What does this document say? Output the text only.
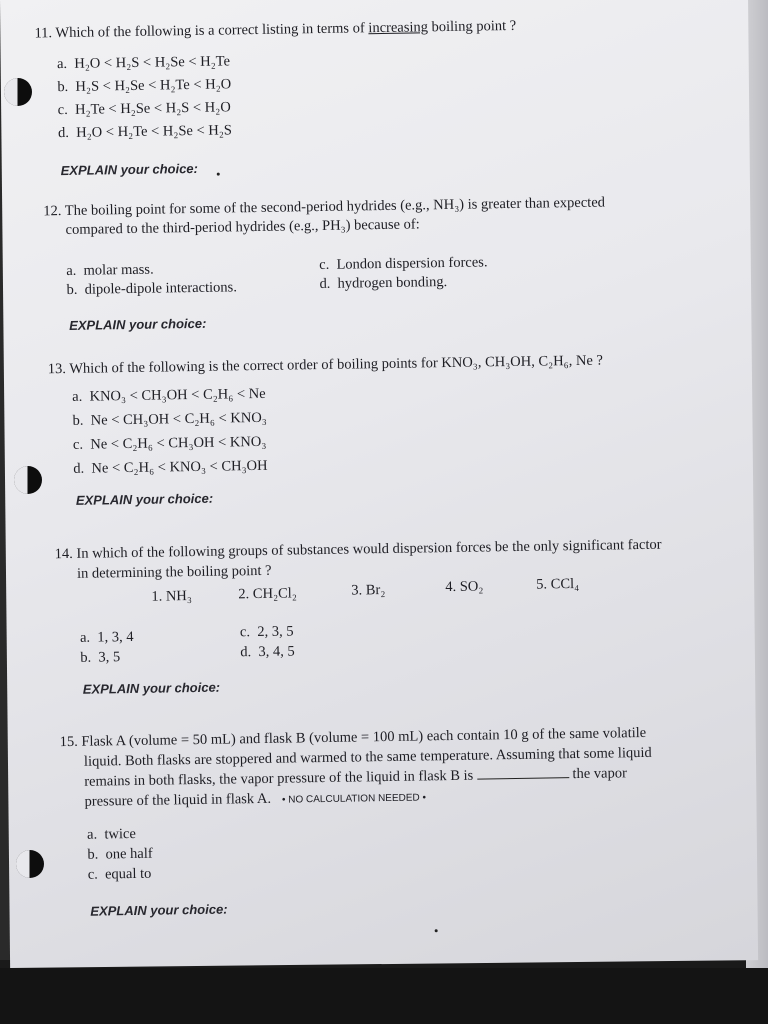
11. Which of the following is a correct listing in terms of increasing boiling point ?
a. H₂O < H₂S < H₂Se < H₂Te
b. H₂S < H₂Se < H₂Te < H₂O
c. H₂Te < H₂Se < H₂S < H₂O
d. H₂O < H₂Te < H₂Se < H₂S
EXPLAIN your choice:
12. The boiling point for some of the second-period hydrides (e.g., NH₃) is greater than expected
compared to the third-period hydrides (e.g., PH₃) because of:
a. molar mass.
b. dipole-dipole interactions.
c. London dispersion forces.
d. hydrogen bonding.
EXPLAIN your choice:
13. Which of the following is the correct order of boiling points for KNO₃, CH₃OH, C₂H₆, Ne ?
a. KNO₃ < CH₃OH < C₂H₆ < Ne
b. Ne < CH₃OH < C₂H₆ < KNO₃
c. Ne < C₂H₆ < CH₃OH < KNO₃
d. Ne < C₂H₆ < KNO₃ < CH₃OH
EXPLAIN your choice:
14. In which of the following groups of substances would dispersion forces be the only significant factor
in determining the boiling point ?
1. NH₃	2. CH₂Cl₂	3. Br₂	4. SO₂	5. CCl₄
a. 1, 3, 4
b. 3, 5
c. 2, 3, 5
d. 3, 4, 5
EXPLAIN your choice:
15. Flask A (volume = 50 mL) and flask B (volume = 100 mL) each contain 10 g of the same volatile
liquid. Both flasks are stoppered and warmed to the same temperature. Assuming that some liquid
remains in both flasks, the vapor pressure of the liquid in flask B is	the vapor
pressure of the liquid in flask A. • NO CALCULATION NEEDED •
a. twice
b. one half
c. equal to
EXPLAIN your choice:
